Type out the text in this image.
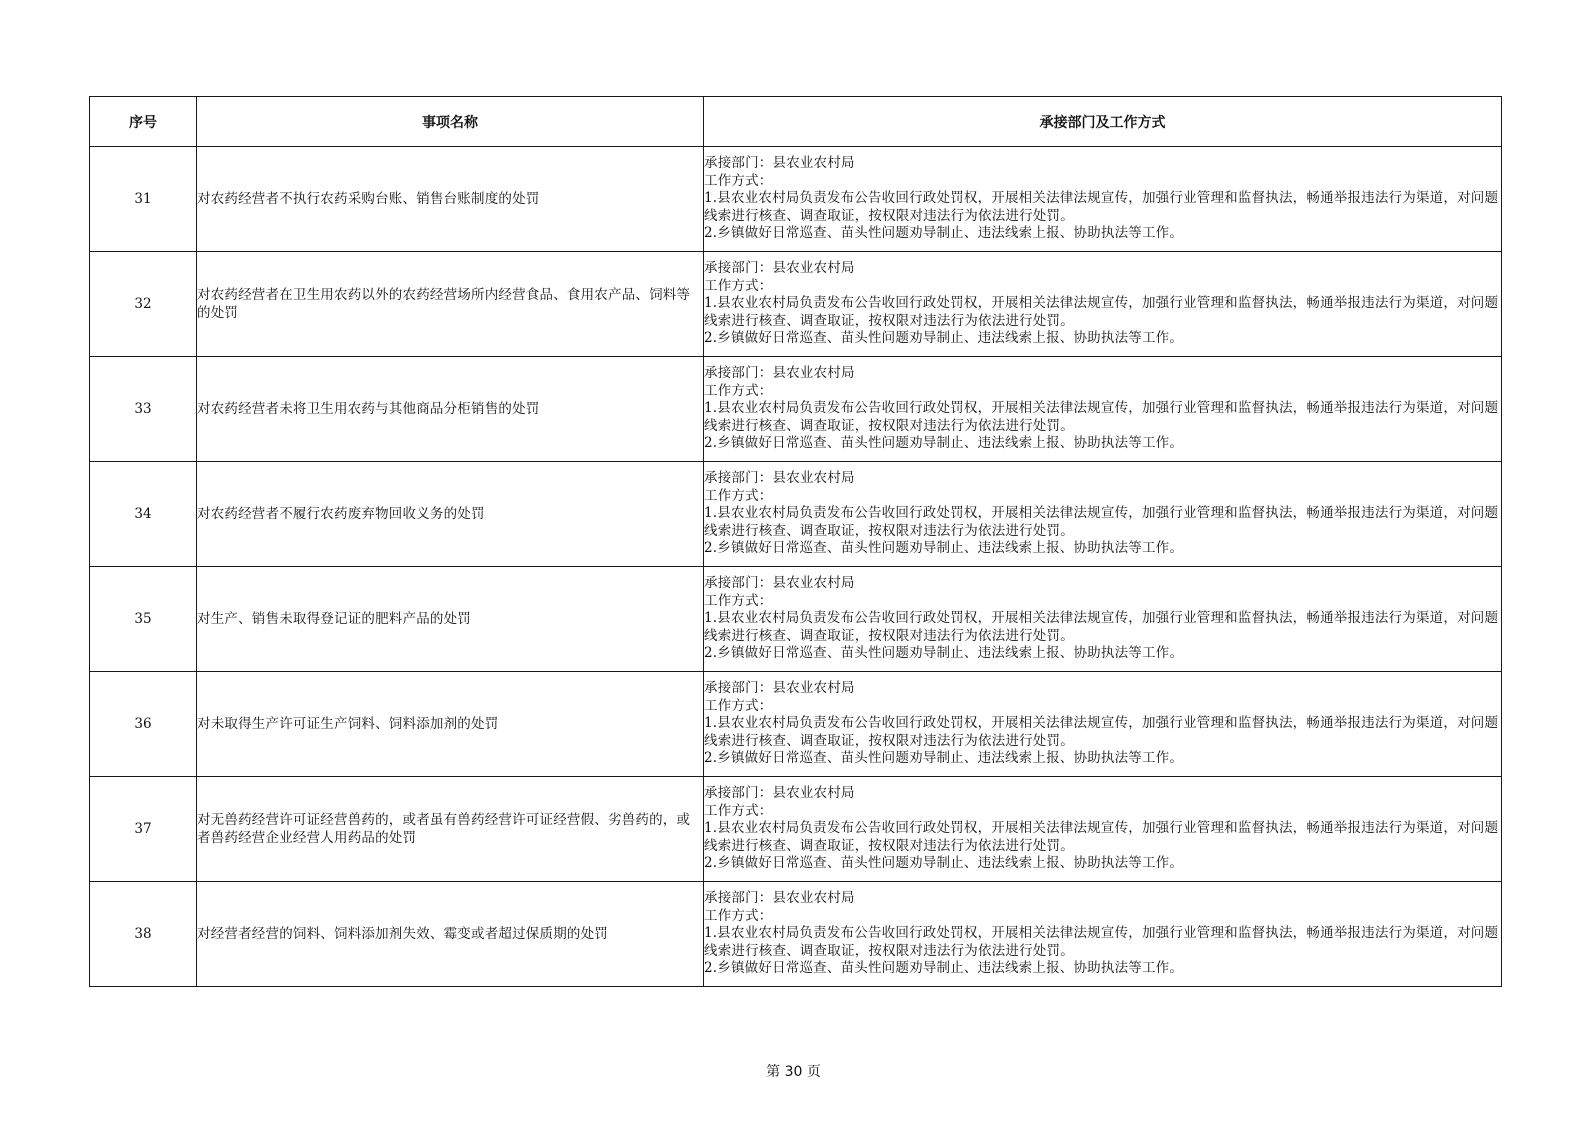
序号	事项名称	承接部门及工作方式
31	对农药经营者不执行农药采购台账、销售台账制度的处罚	承接部门：县农业农村局
工作方式：
1.县农业农村局负责发布公告收回行政处罚权，开展相关法律法规宣传，加强行业管理和监督执法，畅通举报违法行为渠道，对问题线索进行核查、调查取证，按权限对违法行为依法进行处罚。
2.乡镇做好日常巡查、苗头性问题劝导制止、违法线索上报、协助执法等工作。

32	对农药经营者在卫生用农药以外的农药经营场所内经营食品、食用农产品、饲料等的处罚	承接部门：县农业农村局
工作方式：
1.县农业农村局负责发布公告收回行政处罚权，开展相关法律法规宣传，加强行业管理和监督执法，畅通举报违法行为渠道，对问题线索进行核查、调查取证，按权限对违法行为依法进行处罚。
2.乡镇做好日常巡查、苗头性问题劝导制止、违法线索上报、协助执法等工作。

33	对农药经营者未将卫生用农药与其他商品分柜销售的处罚	承接部门：县农业农村局
工作方式：
1.县农业农村局负责发布公告收回行政处罚权，开展相关法律法规宣传，加强行业管理和监督执法，畅通举报违法行为渠道，对问题线索进行核查、调查取证，按权限对违法行为依法进行处罚。
2.乡镇做好日常巡查、苗头性问题劝导制止、违法线索上报、协助执法等工作。

34	对农药经营者不履行农药废弃物回收义务的处罚	承接部门：县农业农村局
工作方式：
1.县农业农村局负责发布公告收回行政处罚权，开展相关法律法规宣传，加强行业管理和监督执法，畅通举报违法行为渠道，对问题线索进行核查、调查取证，按权限对违法行为依法进行处罚。
2.乡镇做好日常巡查、苗头性问题劝导制止、违法线索上报、协助执法等工作。

35	对生产、销售未取得登记证的肥料产品的处罚	承接部门：县农业农村局
工作方式：
1.县农业农村局负责发布公告收回行政处罚权，开展相关法律法规宣传，加强行业管理和监督执法，畅通举报违法行为渠道，对问题线索进行核查、调查取证，按权限对违法行为依法进行处罚。
2.乡镇做好日常巡查、苗头性问题劝导制止、违法线索上报、协助执法等工作。

36	对未取得生产许可证生产饲料、饲料添加剂的处罚	承接部门：县农业农村局
工作方式：
1.县农业农村局负责发布公告收回行政处罚权，开展相关法律法规宣传，加强行业管理和监督执法，畅通举报违法行为渠道，对问题线索进行核查、调查取证，按权限对违法行为依法进行处罚。
2.乡镇做好日常巡查、苗头性问题劝导制止、违法线索上报、协助执法等工作。

37	对无兽药经营许可证经营兽药的，或者虽有兽药经营许可证经营假、劣兽药的，或者兽药经营企业经营人用药品的处罚	承接部门：县农业农村局
工作方式：
1.县农业农村局负责发布公告收回行政处罚权，开展相关法律法规宣传，加强行业管理和监督执法，畅通举报违法行为渠道，对问题线索进行核查、调查取证，按权限对违法行为依法进行处罚。
2.乡镇做好日常巡查、苗头性问题劝导制止、违法线索上报、协助执法等工作。

38	对经营者经营的饲料、饲料添加剂失效、霉变或者超过保质期的处罚	承接部门：县农业农村局
工作方式：
1.县农业农村局负责发布公告收回行政处罚权，开展相关法律法规宣传，加强行业管理和监督执法，畅通举报违法行为渠道，对问题线索进行核查、调查取证，按权限对违法行为依法进行处罚。
2.乡镇做好日常巡查、苗头性问题劝导制止、违法线索上报、协助执法等工作。
第 30 页
